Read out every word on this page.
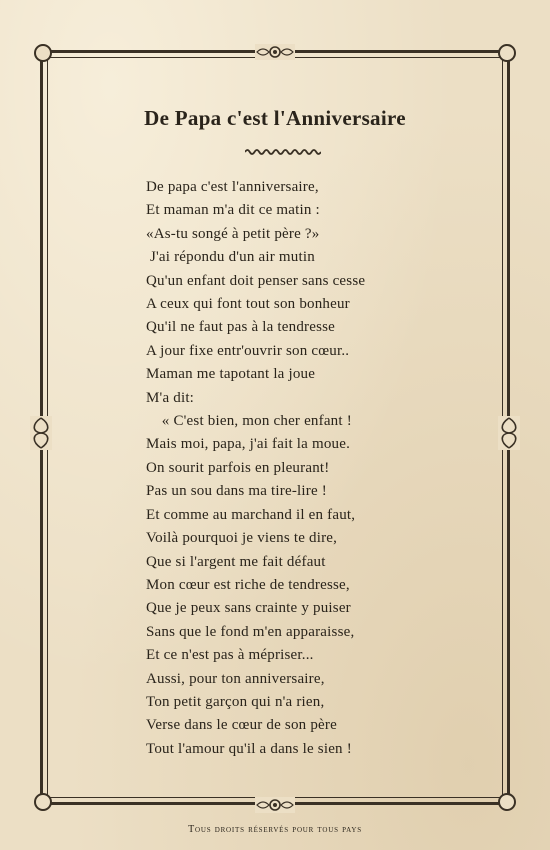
De Papa c'est l'Anniversaire
De papa c'est l'anniversaire,
Et maman m'a dit ce matin :
«As-tu songé à petit père ?»
J'ai répondu d'un air mutin
Qu'un enfant doit penser sans cesse
A ceux qui font tout son bonheur
Qu'il ne faut pas à la tendresse
A jour fixe entr'ouvrir son cœur..
Maman me tapotant la joue
M'a dit:
« C'est bien, mon cher enfant !
Mais moi, papa, j'ai fait la moue.
On sourit parfois en pleurant!
Pas un sou dans ma tire-lire !
Et comme au marchand il en faut,
Voilà pourquoi je viens te dire,
Que si l'argent me fait défaut
Mon cœur est riche de tendresse,
Que je peux sans crainte y puiser
Sans que le fond m'en apparaisse,
Et ce n'est pas à mépriser...
Aussi, pour ton anniversaire,
Ton petit garçon qui n'a rien,
Verse dans le cœur de son père
Tout l'amour qu'il a dans le sien !
Tous droits réservés pour tous pays
